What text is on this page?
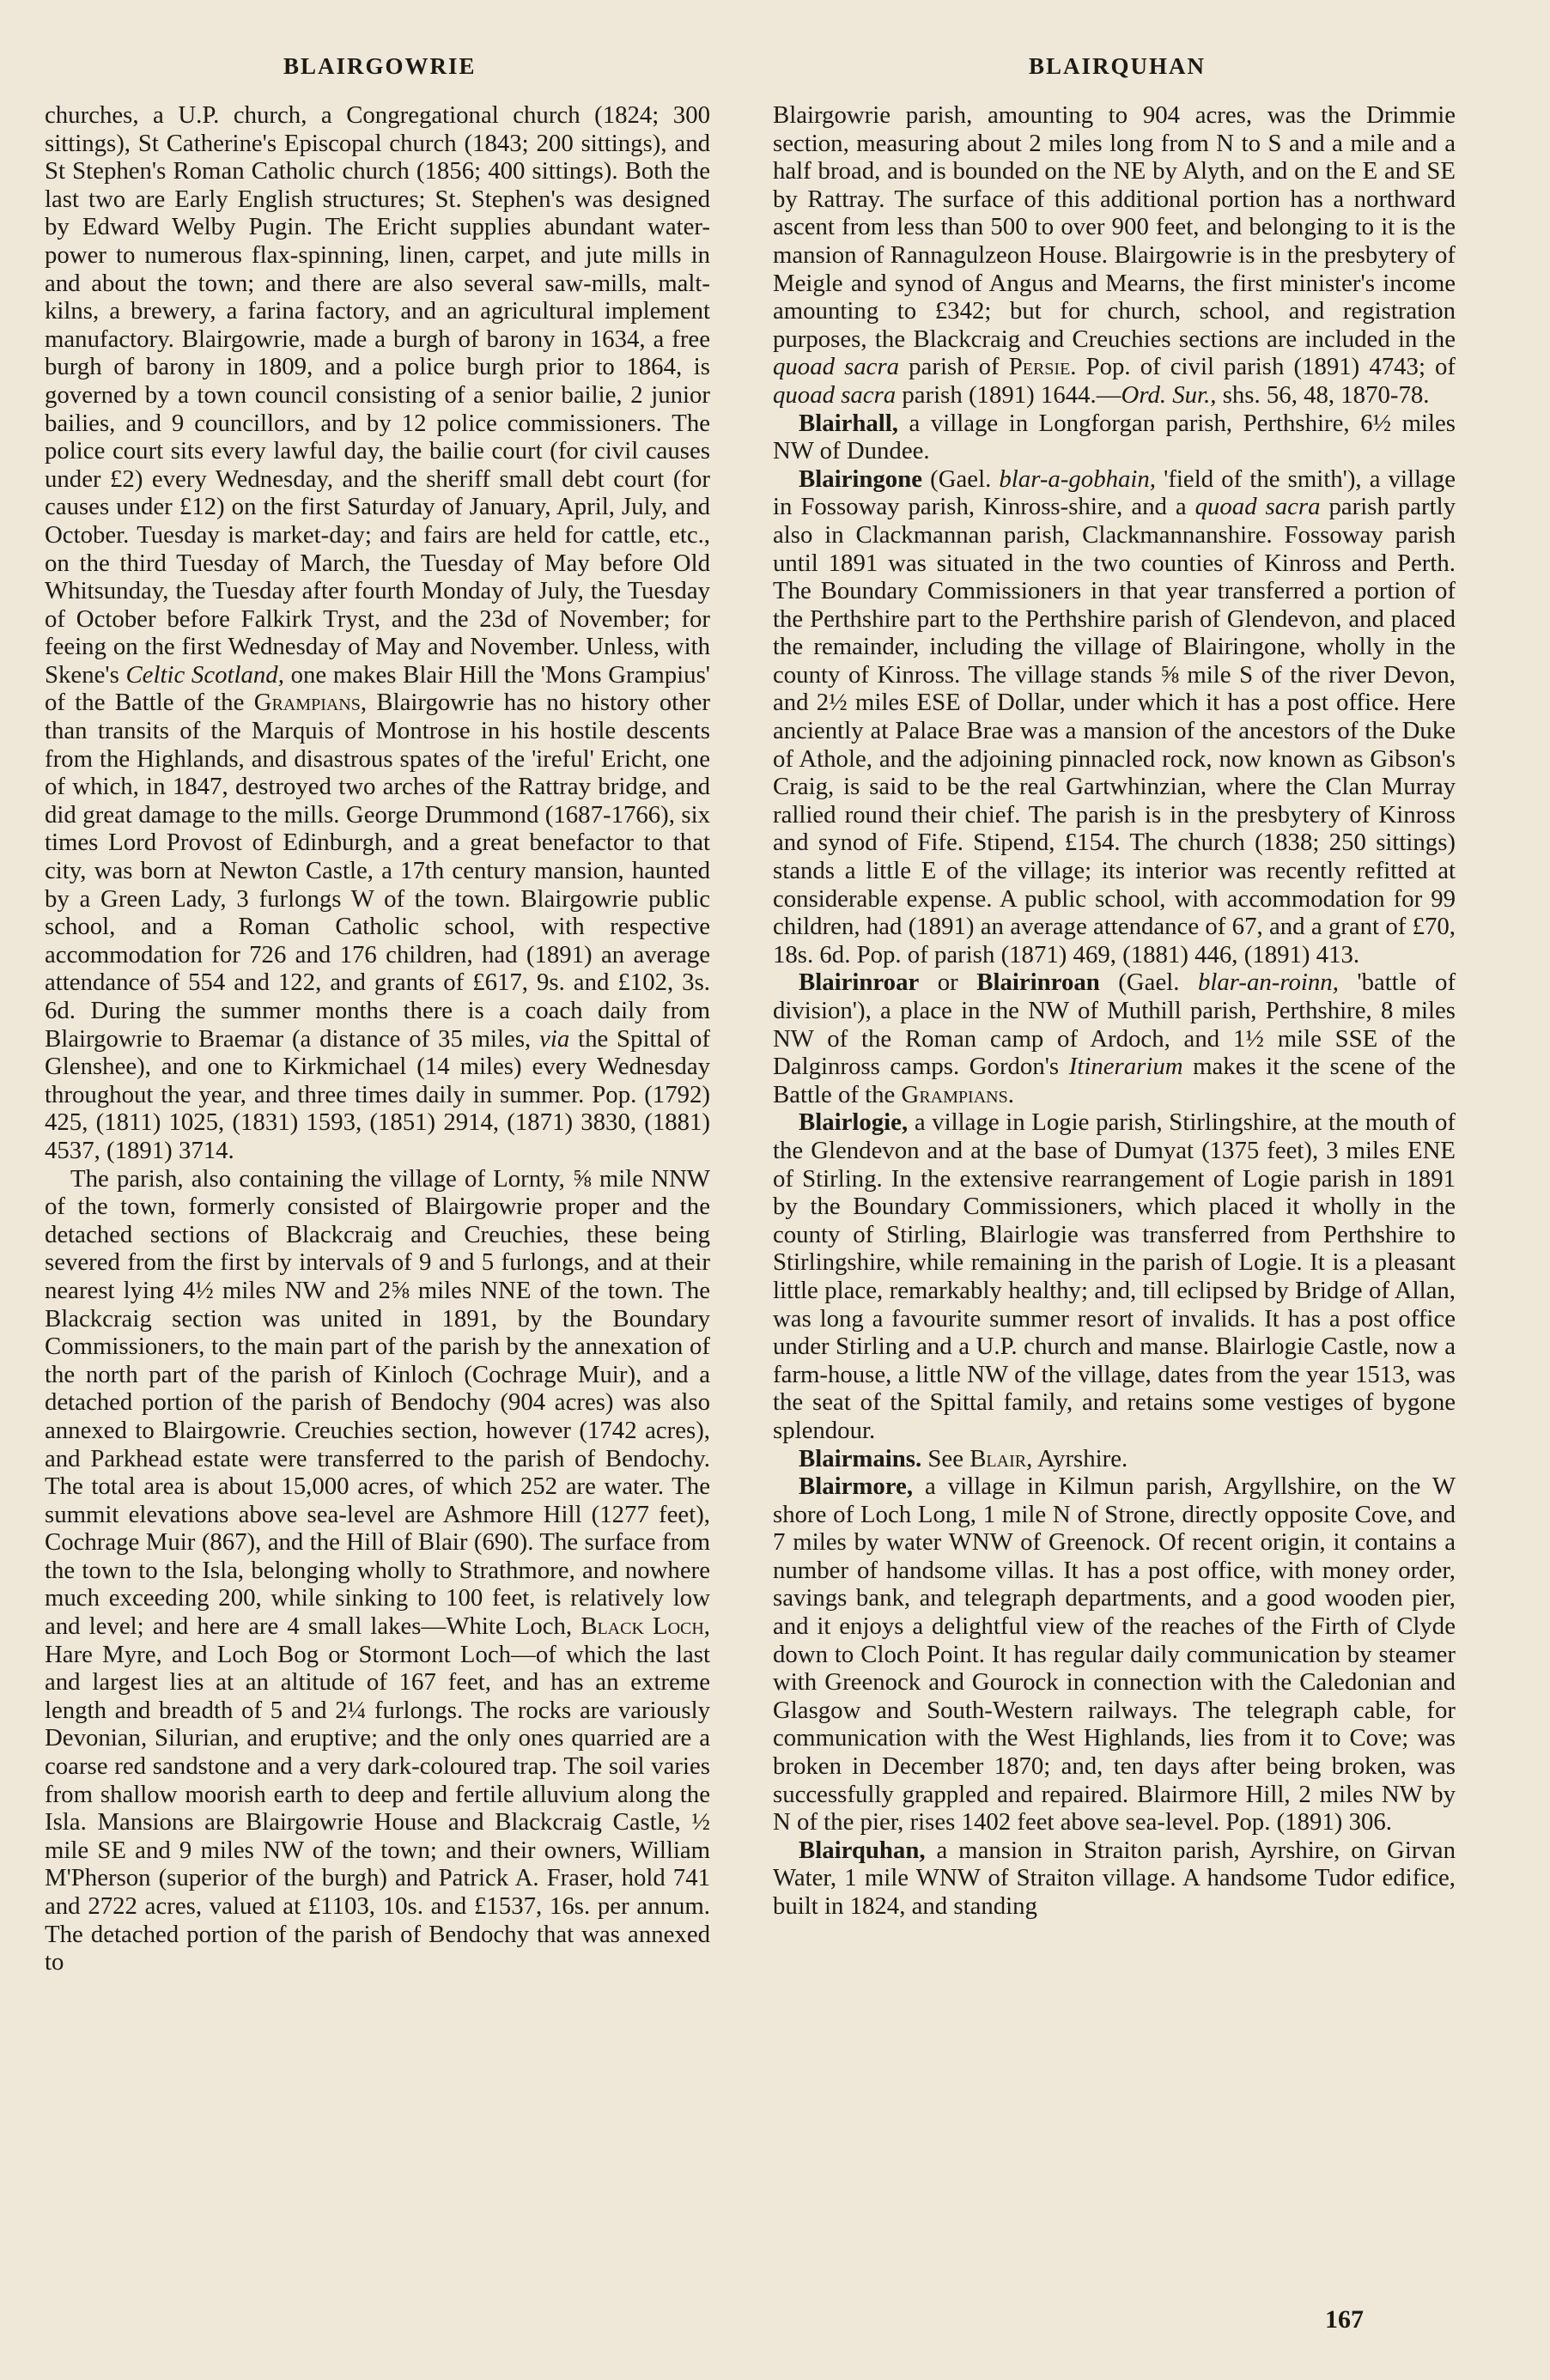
BLAIRGOWRIE	BLAIRQUHAN

churches, a U.P. church, a Congregational church (1824; 300 sittings), St Catherine's Episcopal church (1843; 200 sittings), and St Stephen's Roman Catholic church (1856; 400 sittings). Both the last two are Early English structures; St. Stephen's was designed by Edward Welby Pugin. The Ericht supplies abundant water-power to numerous flax-spinning, linen, carpet, and jute mills in and about the town; and there are also several saw-mills, malt-kilns, a brewery, a farina factory, and an agricultural implement manufactory. Blairgowrie, made a burgh of barony in 1634, a free burgh of barony in 1809, and a police burgh prior to 1864, is governed by a town council consisting of a senior bailie, 2 junior bailies, and 9 councillors, and by 12 police commissioners. The police court sits every lawful day, the bailie court (for civil causes under £2) every Wednesday, and the sheriff small debt court (for causes under £12) on the first Saturday of January, April, July, and October. Tuesday is market-day; and fairs are held for cattle, etc., on the third Tuesday of March, the Tuesday of May before Old Whitsunday, the Tuesday after fourth Monday of July, the Tuesday of October before Falkirk Tryst, and the 23d of November; for feeing on the first Wednesday of May and November. Unless, with Skene's Celtic Scotland, one makes Blair Hill the 'Mons Grampius' of the Battle of the Grampians, Blairgowrie has no history other than transits of the Marquis of Montrose in his hostile descents from the Highlands, and disastrous spates of the 'ireful' Ericht, one of which, in 1847, destroyed two arches of the Rattray bridge, and did great damage to the mills. George Drummond (1687-1766), six times Lord Provost of Edinburgh, and a great benefactor to that city, was born at Newton Castle, a 17th century mansion, haunted by a Green Lady, 3 furlongs W of the town. Blairgowrie public school, and a Roman Catholic school, with respective accommodation for 726 and 176 children, had (1891) an average attendance of 554 and 122, and grants of £617, 9s. and £102, 3s. 6d. During the summer months there is a coach daily from Blairgowrie to Braemar (a distance of 35 miles, via the Spittal of Glenshee), and one to Kirkmichael (14 miles) every Wednesday throughout the year, and three times daily in summer. Pop. (1792) 425, (1811) 1025, (1831) 1593, (1851) 2914, (1871) 3830, (1881) 4537, (1891) 3714.

The parish, also containing the village of Lornty, ⅝ mile NNW of the town, formerly consisted of Blairgowrie proper and the detached sections of Blackcraig and Creuchies, these being severed from the first by intervals of 9 and 5 furlongs, and at their nearest lying 4½ miles NW and 2⅝ miles NNE of the town. The Blackcraig section was united in 1891, by the Boundary Commissioners, to the main part of the parish by the annexation of the north part of the parish of Kinloch (Cochrage Muir), and a detached portion of the parish of Bendochy (904 acres) was also annexed to Blairgowrie. Creuchies section, however (1742 acres), and Parkhead estate were transferred to the parish of Bendochy. The total area is about 15,000 acres, of which 252 are water. The summit elevations above sea-level are Ashmore Hill (1277 feet), Cochrage Muir (867), and the Hill of Blair (690). The surface from the town to the Isla, belonging wholly to Strathmore, and nowhere much exceeding 200, while sinking to 100 feet, is relatively low and level; and here are 4 small lakes—White Loch, Black Loch, Hare Myre, and Loch Bog or Stormont Loch—of which the last and largest lies at an altitude of 167 feet, and has an extreme length and breadth of 5 and 2¼ furlongs. The rocks are variously Devonian, Silurian, and eruptive; and the only ones quarried are a coarse red sandstone and a very dark-coloured trap. The soil varies from shallow moorish earth to deep and fertile alluvium along the Isla. Mansions are Blairgowrie House and Blackcraig Castle, ½ mile SE and 9 miles NW of the town; and their owners, William M'Pherson (superior of the burgh) and Patrick A. Fraser, hold 741 and 2722 acres, valued at £1103, 10s. and £1537, 16s. per annum. The detached portion of the parish of Bendochy that was annexed to

Blairgowrie parish, amounting to 904 acres, was the Drimmie section, measuring about 2 miles long from N to S and a mile and a half broad, and is bounded on the NE by Alyth, and on the E and SE by Rattray. The surface of this additional portion has a northward ascent from less than 500 to over 900 feet, and belonging to it is the mansion of Rannagulzeon House. Blairgowrie is in the presbytery of Meigle and synod of Angus and Mearns, the first minister's income amounting to £342; but for church, school, and registration purposes, the Blackcraig and Creuchies sections are included in the quoad sacra parish of Persie. Pop. of civil parish (1891) 4743; of quoad sacra parish (1891) 1644.—Ord. Sur., shs. 56, 48, 1870-78.

Blairhall, a village in Longforgan parish, Perthshire, 6½ miles NW of Dundee.

Blairingone (Gael. blar-a-gobhain, 'field of the smith'), a village in Fossoway parish, Kinross-shire, and a quoad sacra parish partly also in Clackmannan parish, Clackmannanshire. Fossoway parish until 1891 was situated in the two counties of Kinross and Perth. The Boundary Commissioners in that year transferred a portion of the Perthshire part to the Perthshire parish of Glendevon, and placed the remainder, including the village of Blairingone, wholly in the county of Kinross. The village stands ⅝ mile S of the river Devon, and 2½ miles ESE of Dollar, under which it has a post office. Here anciently at Palace Brae was a mansion of the ancestors of the Duke of Athole, and the adjoining pinnacled rock, now known as Gibson's Craig, is said to be the real Gartwhinzian, where the Clan Murray rallied round their chief. The parish is in the presbytery of Kinross and synod of Fife. Stipend, £154. The church (1838; 250 sittings) stands a little E of the village; its interior was recently refitted at considerable expense. A public school, with accommodation for 99 children, had (1891) an average attendance of 67, and a grant of £70, 18s. 6d. Pop. of parish (1871) 469, (1881) 446, (1891) 413.

Blairinroar or Blairinroan (Gael. blar-an-roinn, 'battle of division'), a place in the NW of Muthill parish, Perthshire, 8 miles NW of the Roman camp of Ardoch, and 1½ mile SSE of the Dalginross camps. Gordon's Itinerarium makes it the scene of the Battle of the Grampians.

Blairlogie, a village in Logie parish, Stirlingshire, at the mouth of the Glendevon and at the base of Dumyat (1375 feet), 3 miles ENE of Stirling. In the extensive rearrangement of Logie parish in 1891 by the Boundary Commissioners, which placed it wholly in the county of Stirling, Blairlogie was transferred from Perthshire to Stirlingshire, while remaining in the parish of Logie. It is a pleasant little place, remarkably healthy; and, till eclipsed by Bridge of Allan, was long a favourite summer resort of invalids. It has a post office under Stirling and a U.P. church and manse. Blairlogie Castle, now a farm-house, a little NW of the village, dates from the year 1513, was the seat of the Spittal family, and retains some vestiges of bygone splendour.

Blairmains. See Blair, Ayrshire.

Blairmore, a village in Kilmun parish, Argyllshire, on the W shore of Loch Long, 1 mile N of Strone, directly opposite Cove, and 7 miles by water WNW of Greenock. Of recent origin, it contains a number of handsome villas. It has a post office, with money order, savings bank, and telegraph departments, and a good wooden pier, and it enjoys a delightful view of the reaches of the Firth of Clyde down to Cloch Point. It has regular daily communication by steamer with Greenock and Gourock in connection with the Caledonian and Glasgow and South-Western railways. The telegraph cable, for communication with the West Highlands, lies from it to Cove; was broken in December 1870; and, ten days after being broken, was successfully grappled and repaired. Blairmore Hill, 2 miles NW by N of the pier, rises 1402 feet above sea-level. Pop. (1891) 306.

Blairquhan, a mansion in Straiton parish, Ayrshire, on Girvan Water, 1 mile WNW of Straiton village. A handsome Tudor edifice, built in 1824, and standing

167
